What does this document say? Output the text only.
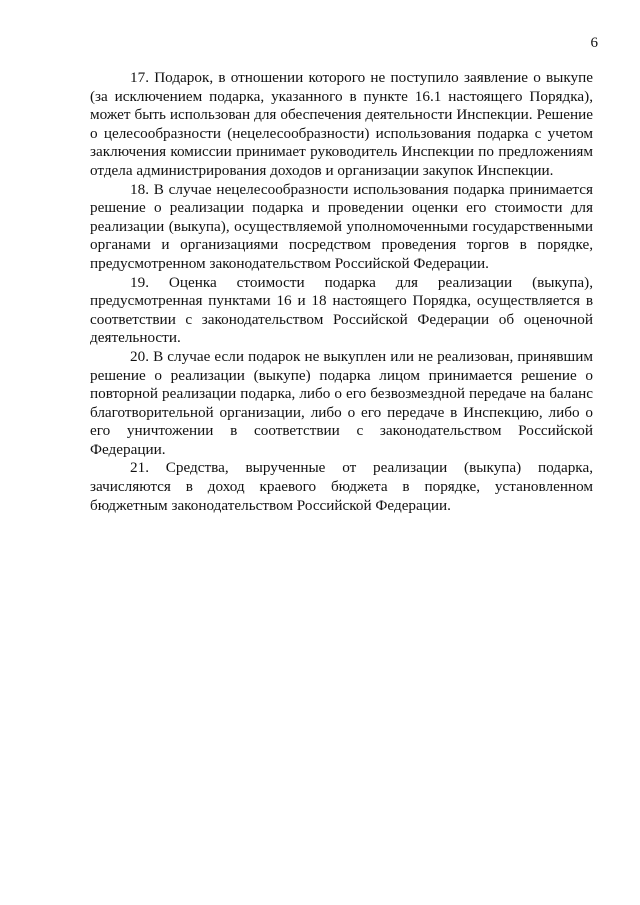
6

17. Подарок, в отношении которого не поступило заявление о выкупе (за исключением подарка, указанного в пункте 16.1 настоящего Порядка), может быть использован для обеспечения деятельности Инспекции. Решение о целесообразности (нецелесообразности) использования подарка с учетом заключения комиссии принимает руководитель Инспекции по предложениям отдела администрирования доходов и организации закупок Инспекции.

18. В случае нецелесообразности использования подарка принимается решение о реализации подарка и проведении оценки его стоимости для реализации (выкупа), осуществляемой уполномоченными государственными органами и организациями посредством проведения торгов в порядке, предусмотренном законодательством Российской Федерации.

19. Оценка стоимости подарка для реализации (выкупа), предусмотренная пунктами 16 и 18 настоящего Порядка, осуществляется в соответствии с законодательством Российской Федерации об оценочной деятельности.

20. В случае если подарок не выкуплен или не реализован, принявшим решение о реализации (выкупе) подарка лицом принимается решение о повторной реализации подарка, либо о его безвозмездной передаче на баланс благотворительной организации, либо о его передаче в Инспекцию, либо о его уничтожении в соответствии с законодательством Российской Федерации.

21. Средства, вырученные от реализации (выкупа) подарка, зачисляются в доход краевого бюджета в порядке, установленном бюджетным законодательством Российской Федерации.
